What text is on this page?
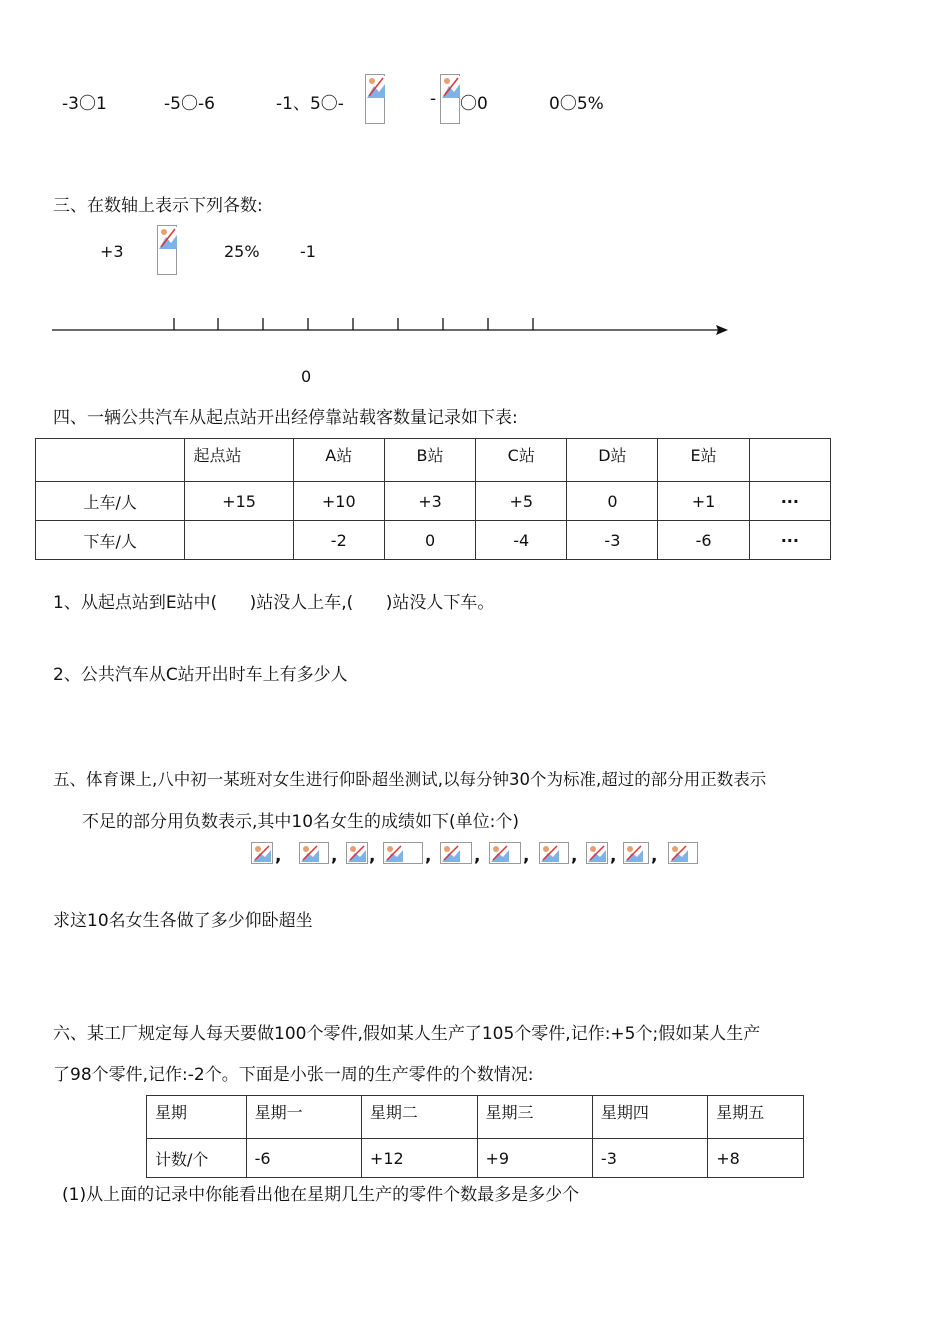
-3〇1	-5〇-6	-1、5〇-	- 〇0	0〇5%
三、在数轴上表示下列各数:
+3	25%	-1
0
四、一辆公共汽车从起点站开出经停靠站载客数量记录如下表:
	起点站	A站	B站	C站	D站	E站	
上车/人	+15	+10	+3	+5	0	+1	···
下车/人		-2	0	-4	-3	-6	···
1、从起点站到E站中(      )站没人上车,(      )站没人下车。
2、公共汽车从C站开出时车上有多少人
五、体育课上,八中初一某班对女生进行仰卧超坐测试,以每分钟30个为标准,超过的部分用正数表示
不足的部分用负数表示,其中10名女生的成绩如下(单位:个)
,	, ,	,	,	, , , ,
求这10名女生各做了多少仰卧超坐
六、某工厂规定每人每天要做100个零件,假如某人生产了105个零件,记作:+5个;假如某人生产
了98个零件,记作:-2个。下面是小张一周的生产零件的个数情况:
星期	星期一	星期二	星期三	星期四	星期五
计数/个	-6	+12	+9	-3	+8
(1)从上面的记录中你能看出他在星期几生产的零件个数最多是多少个
